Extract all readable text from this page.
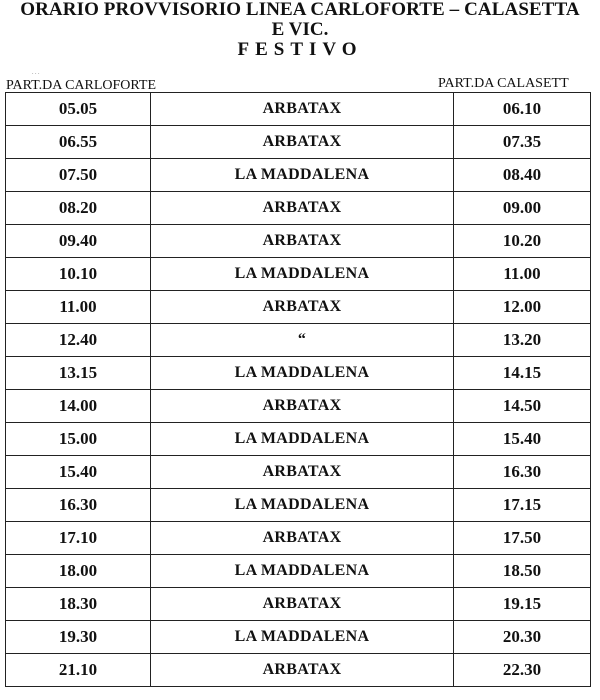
ORARIO PROVVISORIO LINEA CARLOFORTE – CALASETTA
E VIC.
FESTIVO
. . .
PART.DA CARLOFORTE	PART.DA CALASETT
05.05	ARBATAX	06.10
06.55	ARBATAX	07.35
07.50	LA MADDALENA	08.40
08.20	ARBATAX	09.00
09.40	ARBATAX	10.20
10.10	LA MADDALENA	11.00
11.00	ARBATAX	12.00
12.40	“	13.20
13.15	LA MADDALENA	14.15
14.00	ARBATAX	14.50
15.00	LA MADDALENA	15.40
15.40	ARBATAX	16.30
16.30	LA MADDALENA	17.15
17.10	ARBATAX	17.50
18.00	LA MADDALENA	18.50
18.30	ARBATAX	19.15
19.30	LA MADDALENA	20.30
21.10	ARBATAX	22.30
